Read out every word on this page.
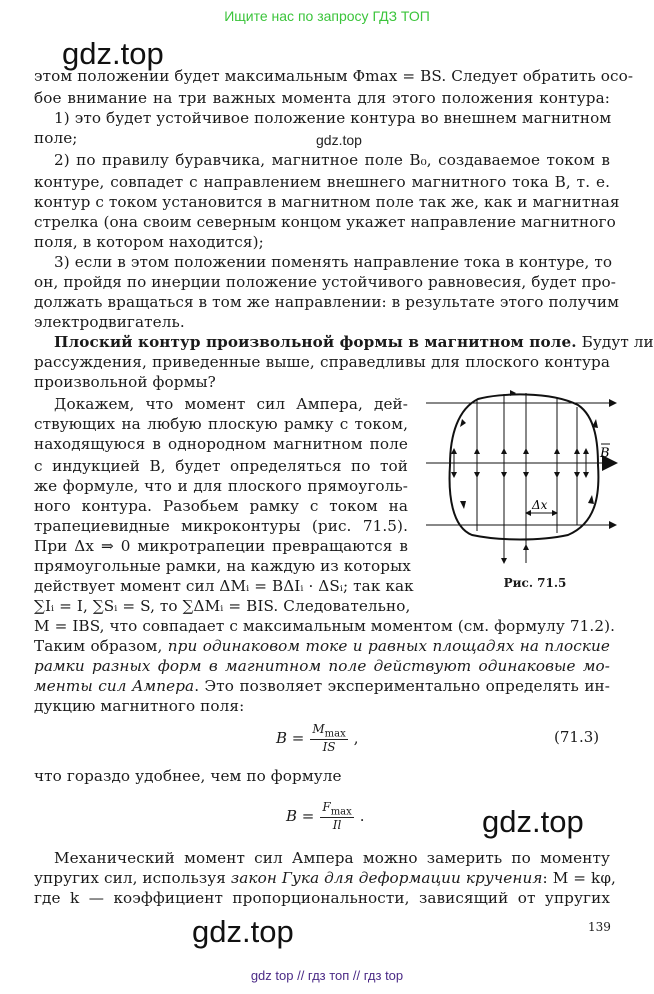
Ищите нас по запросу ГДЗ ТОП
gdz.top
этом положении будет максимальным Φmax = BS. Следует обратить осо-
бое внимание на три важных момента для этого положения контура:
1) это будет устойчивое положение контура во внешнем магнитном
поле;	gdz.top
2) по правилу буравчика, магнитное поле B₀, создаваемое током в
контуре, совпадет с направлением внешнего магнитного тока B, т. е.
контур с током установится в магнитном поле так же, как и магнитная
стрелка (она своим северным концом укажет направление магнитного
поля, в котором находится);
3) если в этом положении поменять направление тока в контуре, то
он, пройдя по инерции положение устойчивого равновесия, будет про-
должать вращаться в том же направлении: в результате этого получим
электродвигатель.
Плоский контур произвольной формы в магнитном поле. Будут ли
рассуждения, приведенные выше, справедливы для плоского контура
произвольной формы?
Докажем, что момент сил Ампера, дей-
ствующих на любую плоскую рамку с током,
находящуюся в однородном магнитном поле
с индукцией B, будет определяться по той
же формуле, что и для плоского прямоуголь-
ного контура. Разобьем рамку с током на
трапециевидные микроконтуры (рис. 71.5).
При Δx ⇒ 0 микротрапеции превращаются в
прямоугольные рамки, на каждую из которых
действует момент сил ΔMᵢ = BΔIᵢ · ΔSᵢ; так как
∑Iᵢ = I, ∑Sᵢ = S, то ∑ΔMᵢ = BIS. Следовательно,
B
Δx
Рис. 71.5
M = IBS, что совпадает с максимальным моментом (см. формулу 71.2).
Таким образом, при одинаковом токе и равных площадях на плоские
рамки разных форм в магнитном поле действуют одинаковые мо-
менты сил Ампера. Это позволяет экспериментально определять ин-
дукцию магнитного поля:
$B = \frac{M_{max}}{IS}$ ,	(71.3)
что гораздо удобнее, чем по формуле
$B = \frac{F_{max}}{Il}$ .	gdz.top
Механический момент сил Ампера можно замерить по моменту
упругих сил, используя закон Гука для деформации кручения: M = kφ,
где k — коэффициент пропорциональности, зависящий от упругих
139
gdz.top
gdz top // гдз топ // гдз top
